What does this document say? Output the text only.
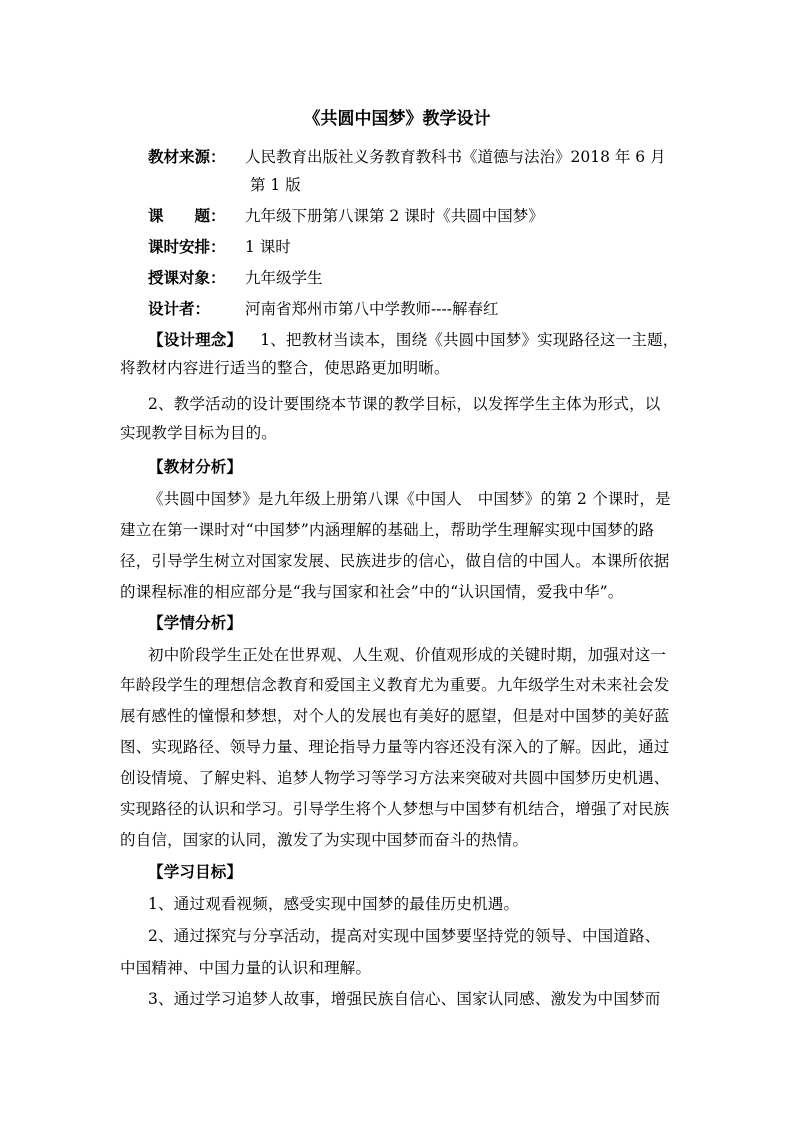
《共圆中国梦》教学设计
教材来源： 人民教育出版社义务教育教科书《道德与法治》2018 年 6 月
第 1 版
课　　题： 九年级下册第八课第 2 课时《共圆中国梦》
课时安排： 1 课时
授课对象： 九年级学生
设计者： 河南省郑州市第八中学教师----解春红
【设计理念】 1、把教材当读本，围绕《共圆中国梦》实现路径这一主题，
将教材内容进行适当的整合，使思路更加明晰。
2、教学活动的设计要围绕本节课的教学目标，以发挥学生主体为形式，以
实现教学目标为目的。
【教材分析】
《共圆中国梦》是九年级上册第八课《中国人　中国梦》的第 2 个课时，是
建立在第一课时对“中国梦”内涵理解的基础上，帮助学生理解实现中国梦的路
径，引导学生树立对国家发展、民族进步的信心，做自信的中国人。本课所依据
的课程标准的相应部分是“我与国家和社会”中的“认识国情，爱我中华”。
【学情分析】
初中阶段学生正处在世界观、人生观、价值观形成的关键时期，加强对这一
年龄段学生的理想信念教育和爱国主义教育尤为重要。九年级学生对未来社会发
展有感性的憧憬和梦想，对个人的发展也有美好的愿望，但是对中国梦的美好蓝
图、实现路径、领导力量、理论指导力量等内容还没有深入的了解。因此，通过
创设情境、了解史料、追梦人物学习等学习方法来突破对共圆中国梦历史机遇、
实现路径的认识和学习。引导学生将个人梦想与中国梦有机结合，增强了对民族
的自信，国家的认同，激发了为实现中国梦而奋斗的热情。
【学习目标】
1、通过观看视频，感受实现中国梦的最佳历史机遇。
2、通过探究与分享活动，提高对实现中国梦要坚持党的领导、中国道路、
中国精神、中国力量的认识和理解。
3、通过学习追梦人故事，增强民族自信心、国家认同感、激发为中国梦而
